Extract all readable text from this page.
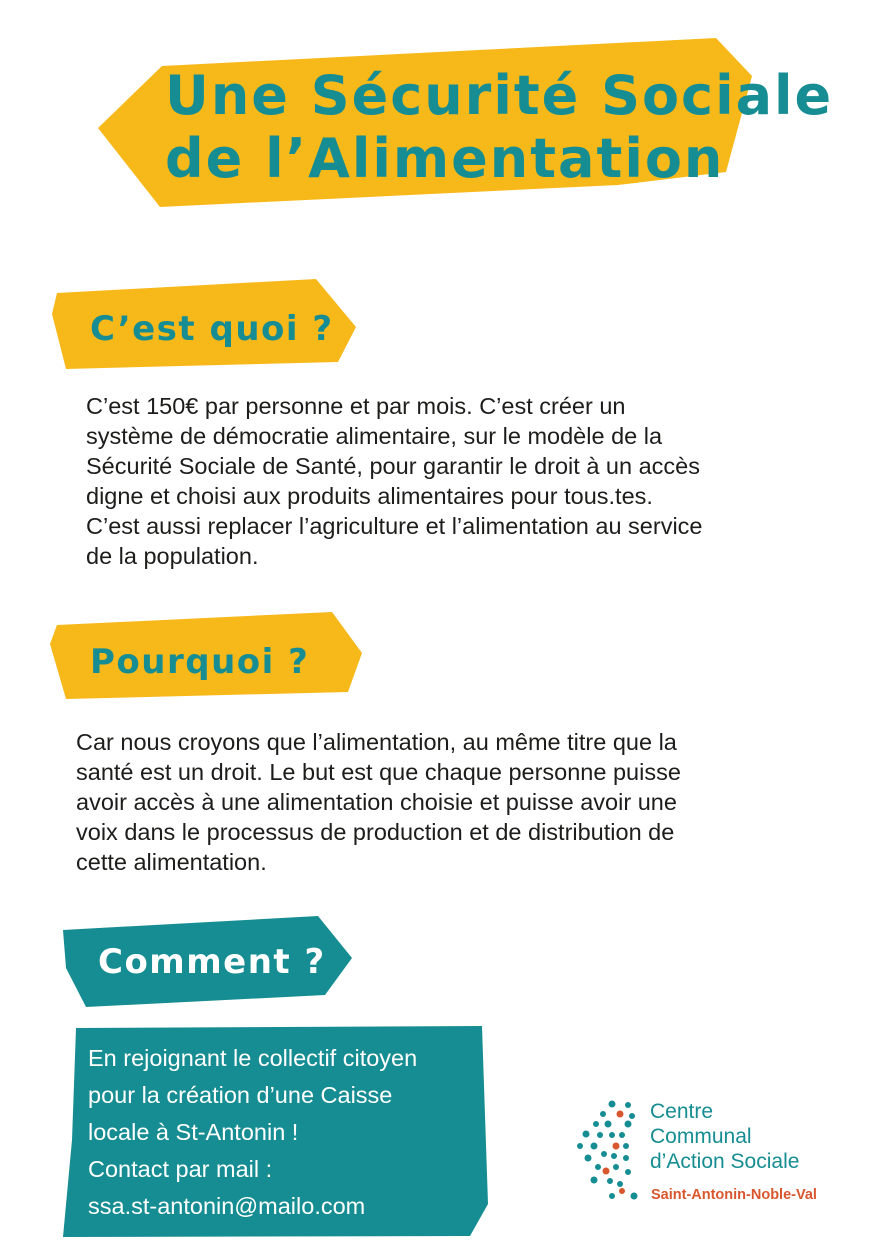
Une Sécurité Sociale
de l’Alimentation
C’est quoi ?
C’est 150€ par personne et par mois. C’est créer un
système de démocratie alimentaire, sur le modèle de la
Sécurité Sociale de Santé, pour garantir le droit à un accès
digne et choisi aux produits alimentaires pour tous.tes.
C’est aussi replacer l’agriculture et l’alimentation au service
de la population.
Pourquoi ?
Car nous croyons que l’alimentation, au même titre que la
santé est un droit. Le but est que chaque personne puisse
avoir accès à une alimentation choisie et puisse avoir une
voix dans le processus de production et de distribution de
cette alimentation.
Comment ?
En rejoignant le collectif citoyen
pour la création d’une Caisse
locale à St-Antonin !
Contact par mail :
ssa.st-antonin@mailo.com
Centre
Communal
d’Action Sociale
Saint-Antonin-Noble-Val
